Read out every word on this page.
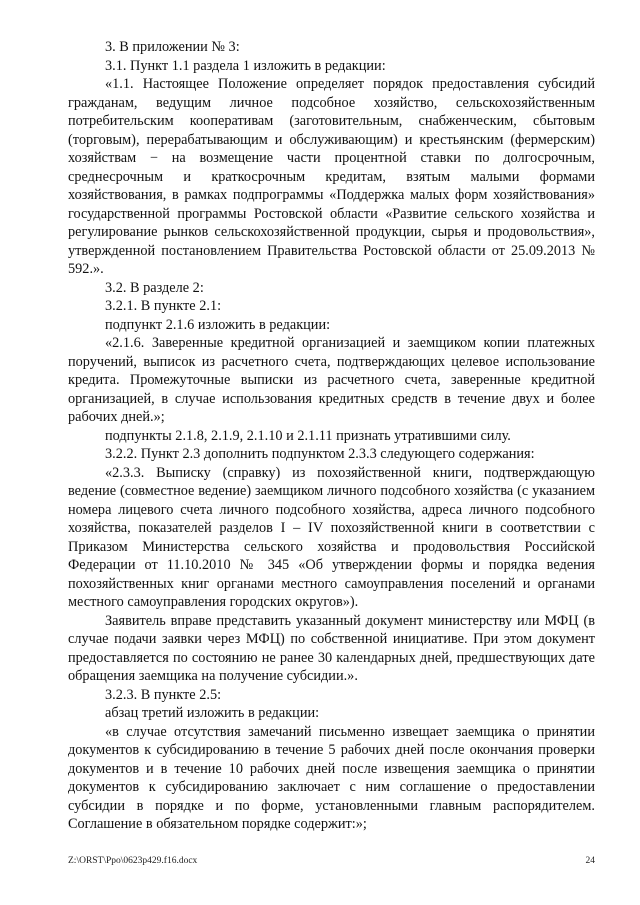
3. В приложении № 3:

3.1. Пункт 1.1 раздела 1 изложить в редакции:

«1.1. Настоящее Положение определяет порядок предоставления субсидий гражданам, ведущим личное подсобное хозяйство, сельскохозяйственным потребительским кооперативам (заготовительным, снабженческим, сбытовым (торговым), перерабатывающим и обслуживающим) и крестьянским (фермерским) хозяйствам − на возмещение части процентной ставки по долгосрочным, среднесрочным и краткосрочным кредитам, взятым малыми формами хозяйствования, в рамках подпрограммы «Поддержка малых форм хозяйствования» государственной программы Ростовской области «Развитие сельского хозяйства и регулирование рынков сельскохозяйственной продукции, сырья и продовольствия», утвержденной постановлением Правительства Ростовской области от 25.09.2013 № 592.».

3.2. В разделе 2:

3.2.1. В пункте 2.1:

подпункт 2.1.6 изложить в редакции:

«2.1.6. Заверенные кредитной организацией и заемщиком копии платежных поручений, выписок из расчетного счета, подтверждающих целевое использование кредита. Промежуточные выписки из расчетного счета, заверенные кредитной организацией, в случае использования кредитных средств в течение двух и более рабочих дней.»;

подпункты 2.1.8, 2.1.9, 2.1.10 и 2.1.11 признать утратившими силу.

3.2.2. Пункт 2.3 дополнить подпунктом 2.3.3 следующего содержания:

«2.3.3. Выписку (справку) из похозяйственной книги, подтверждающую ведение (совместное ведение) заемщиком личного подсобного хозяйства (с указанием номера лицевого счета личного подсобного хозяйства, адреса личного подсобного хозяйства, показателей разделов I – IV похозяйственной книги в соответствии с Приказом Министерства сельского хозяйства и продовольствия Российской Федерации от 11.10.2010 № 345 «Об утверждении формы и порядка ведения похозяйственных книг органами местного самоуправления поселений и органами местного самоуправления городских округов»).

Заявитель вправе представить указанный документ министерству или МФЦ (в случае подачи заявки через МФЦ) по собственной инициативе. При этом документ предоставляется по состоянию не ранее 30 календарных дней, предшествующих дате обращения заемщика на получение субсидии.».

3.2.3. В пункте 2.5:

абзац третий изложить в редакции:

«в случае отсутствия замечаний письменно извещает заемщика о принятии документов к субсидированию в течение 5 рабочих дней после окончания проверки документов и в течение 10 рабочих дней после извещения заемщика о принятии документов к субсидированию заключает с ним соглашение о предоставлении субсидии в порядке и по форме, установленными главным распорядителем. Соглашение в обязательном порядке содержит:»;

Z:\ORST\Ppo\0623p429.f16.docx	24
